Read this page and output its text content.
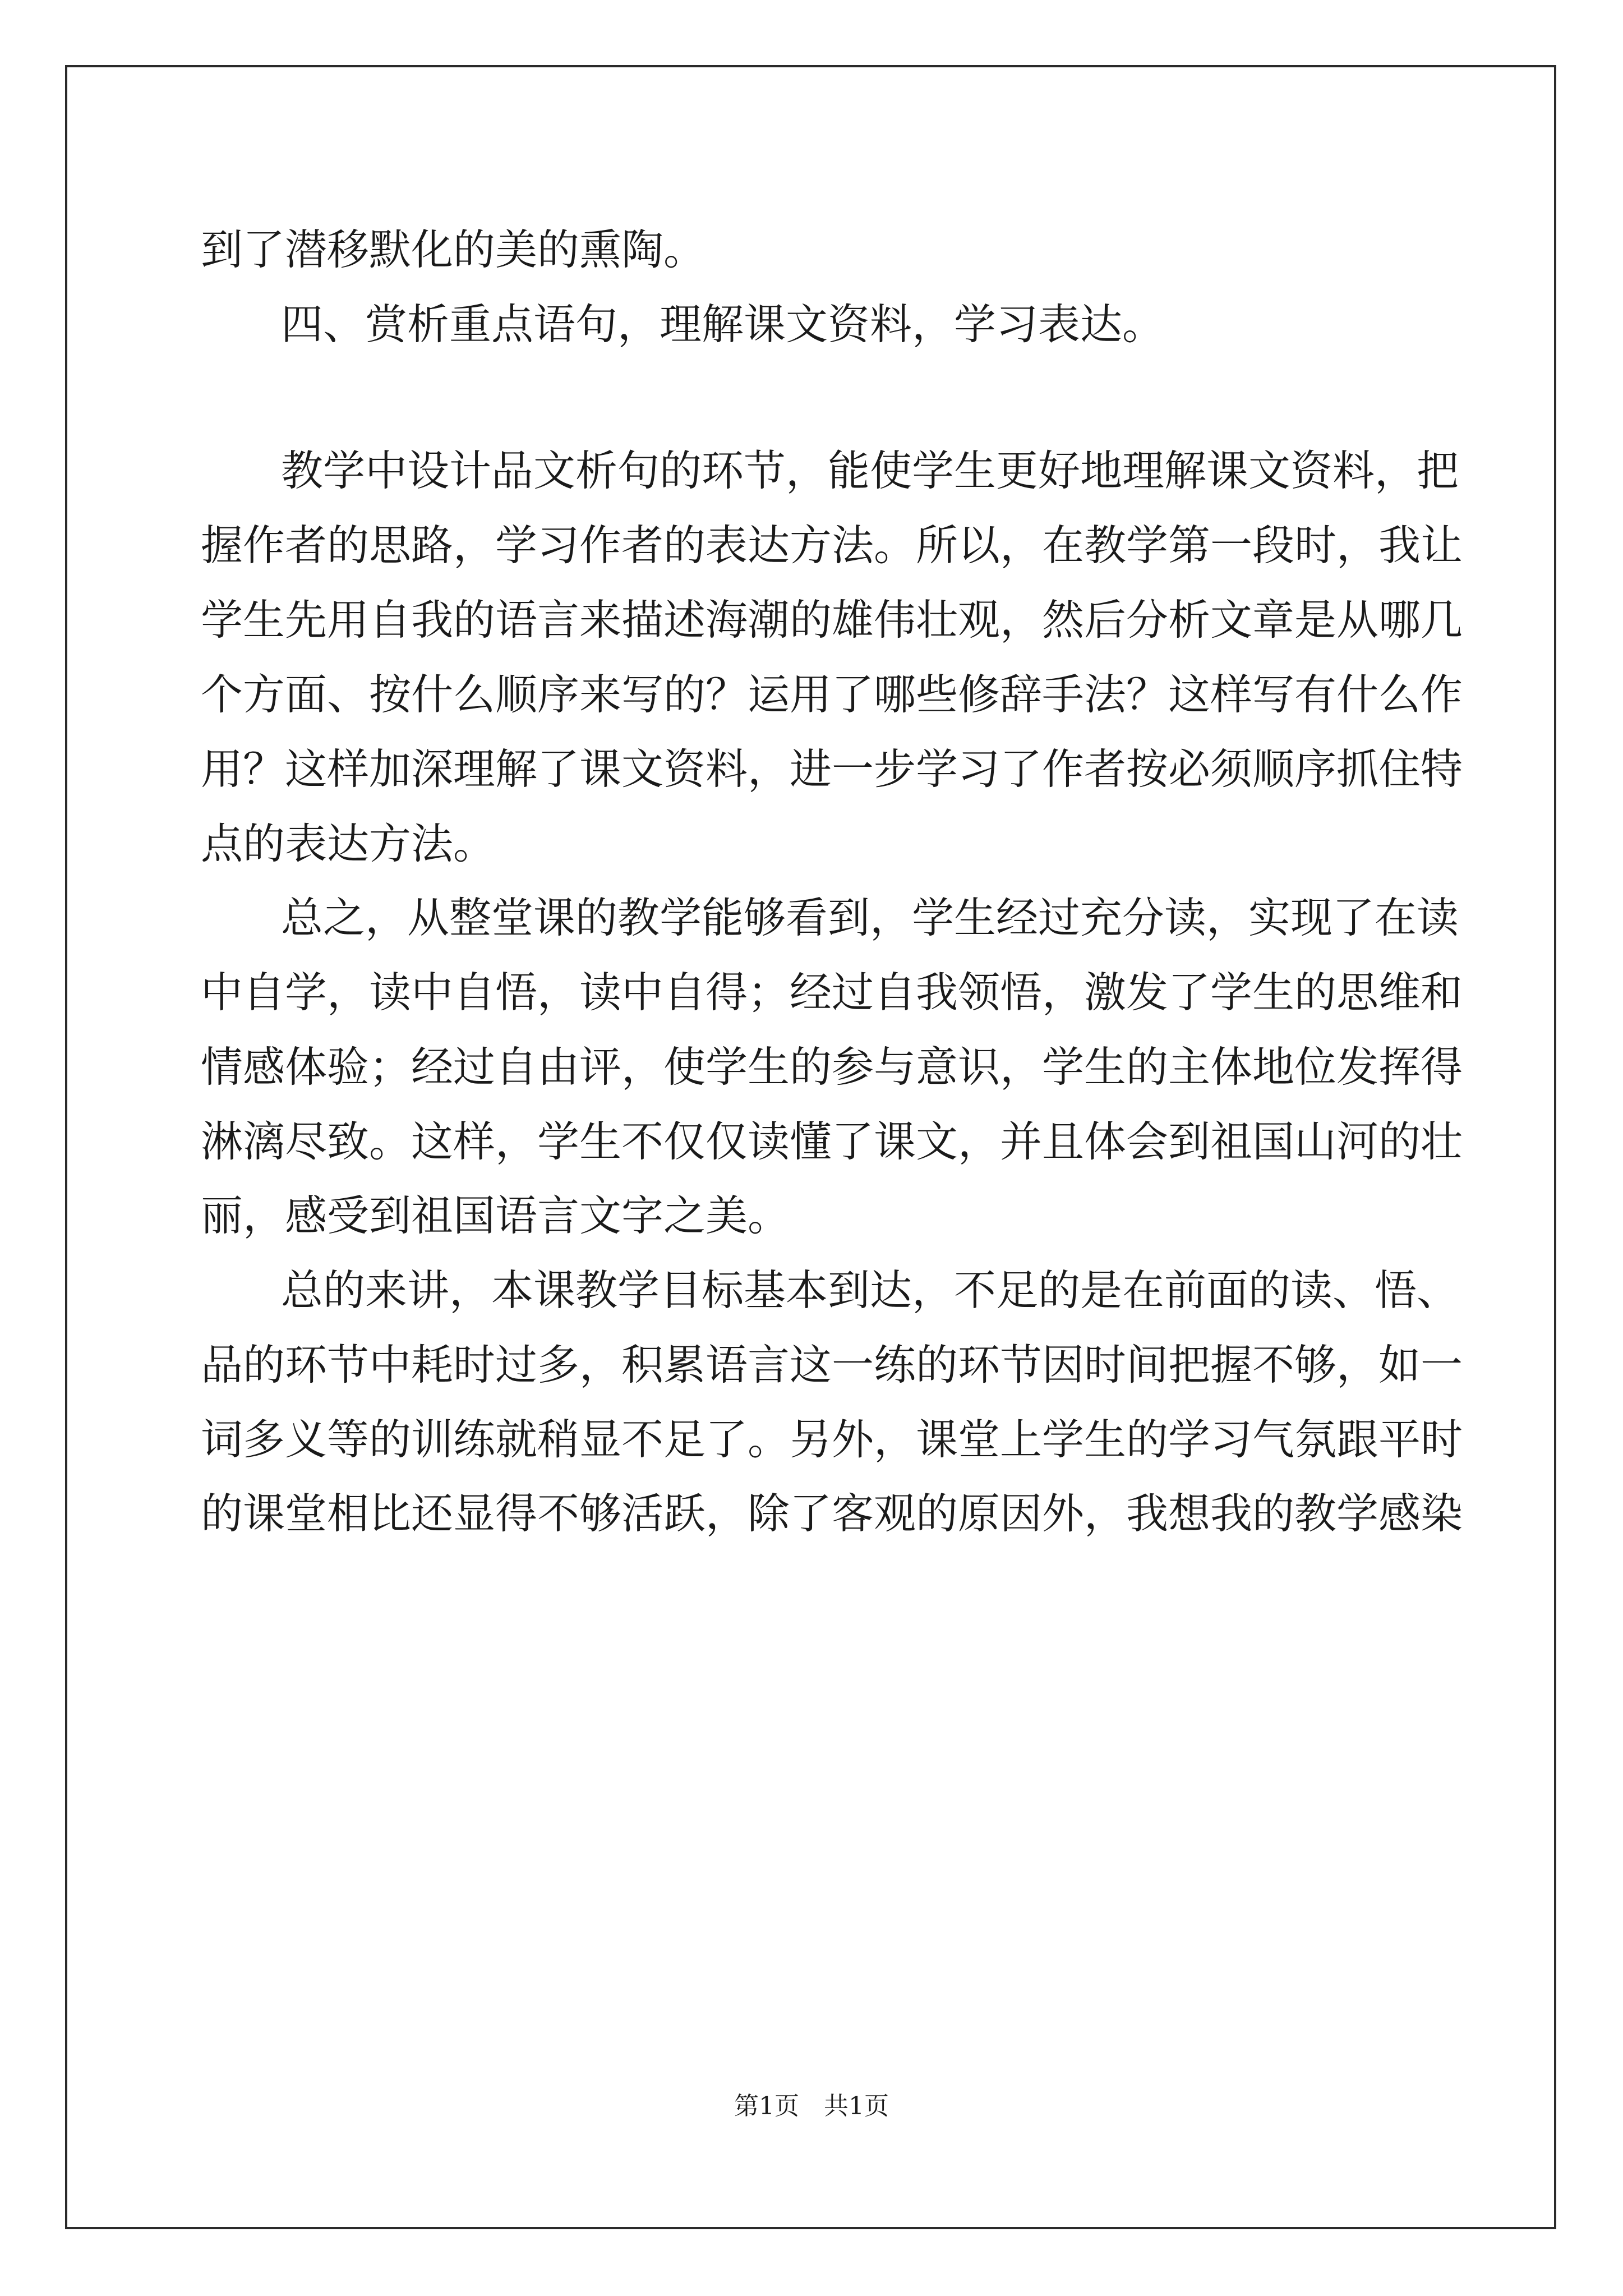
到了潜移默化的美的熏陶。
四、赏析重点语句，理解课文资料，学习表达。
教学中设计品文析句的环节，能使学生更好地理解课文资料，把
握作者的思路，学习作者的表达方法。所以，在教学第一段时，我让
学生先用自我的语言来描述海潮的雄伟壮观，然后分析文章是从哪几
个方面、按什么顺序来写的？运用了哪些修辞手法？这样写有什么作
用？这样加深理解了课文资料，进一步学习了作者按必须顺序抓住特
点的表达方法。
总之，从整堂课的教学能够看到，学生经过充分读，实现了在读
中自学，读中自悟，读中自得；经过自我领悟，激发了学生的思维和
情感体验；经过自由评，使学生的参与意识，学生的主体地位发挥得
淋漓尽致。这样，学生不仅仅读懂了课文，并且体会到祖国山河的壮
丽，感受到祖国语言文字之美。
总的来讲，本课教学目标基本到达，不足的是在前面的读、悟、
品的环节中耗时过多，积累语言这一练的环节因时间把握不够，如一
词多义等的训练就稍显不足了。另外，课堂上学生的学习气氛跟平时
的课堂相比还显得不够活跃，除了客观的原因外，我想我的教学感染
第1页　共1页
